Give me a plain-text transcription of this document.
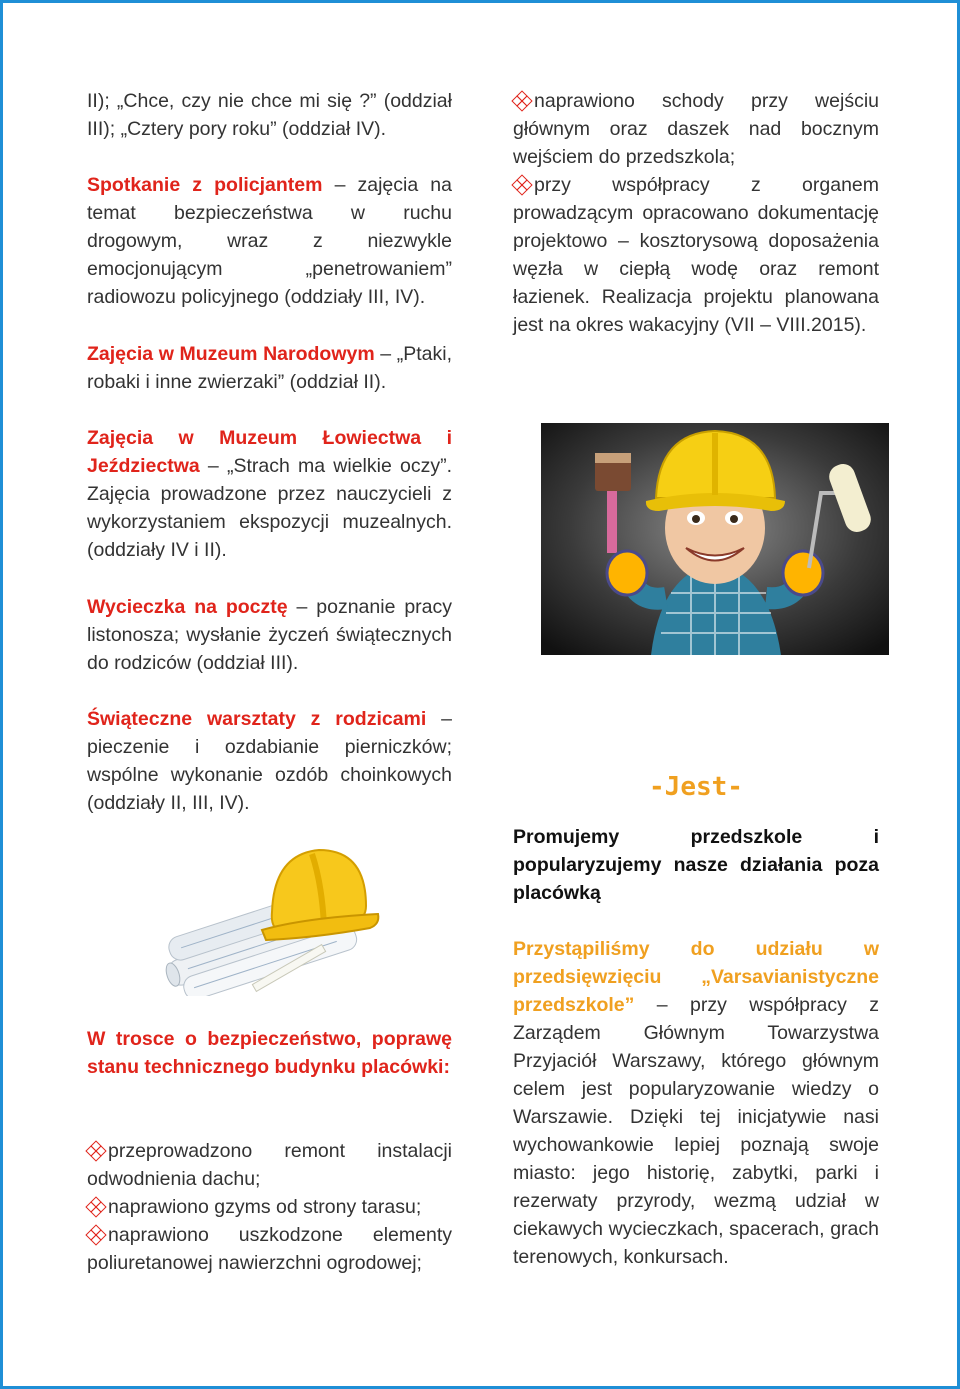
II); „Chce, czy nie chce mi się ?” (oddział III); „Cztery pory roku” (oddział IV).
Spotkanie z policjantem – zajęcia na temat bezpieczeństwa w ruchu drogowym, wraz z niezwykle emocjonującym „penetrowaniem” radiowozu policyjnego (oddziały III, IV).
Zajęcia w Muzeum Narodowym – „Ptaki, robaki i inne zwierzaki” (oddział II).
Zajęcia w Muzeum Łowiectwa i Jeździectwa – „Strach ma wielkie oczy”. Zajęcia prowadzone przez nauczycieli z wykorzystaniem ekspozycji muzealnych. (oddziały IV i II).
Wycieczka na pocztę – poznanie pracy listonosza; wysłanie życzeń świątecznych do rodziców (oddział III).
Świąteczne warsztaty z rodzicami – pieczenie i ozdabianie pierniczków; wspólne wykonanie ozdób choinkowych (oddziały II, III, IV).
W trosce o bezpieczeństwo, poprawę stanu technicznego budynku placówki:
przeprowadzono remont instalacji odwodnienia dachu;
naprawiono gzyms od strony tarasu;
naprawiono uszkodzone elementy poliuretanowej nawierzchni ogrodowej;
naprawiono schody przy wejściu głównym oraz daszek nad bocznym wejściem do przedszkola;
przy współpracy z organem prowadzącym opracowano dokumentację projektowo – kosztorysową doposażenia węzła w ciepłą wodę oraz remont łazienek. Realizacja projektu planowana jest na okres wakacyjny (VII – VIII.2015).
-Jest-
Promujemy przedszkole i popularyzujemy nasze działania poza placówką
Przystąpiliśmy do udziału w przedsięwzięciu „Varsavianistyczne przedszkole” – przy współpracy z Zarządem Głównym Towarzystwa Przyjaciół Warszawy, którego głównym celem jest popularyzowanie wiedzy o Warszawie. Dzięki tej inicjatywie nasi wychowankowie lepiej poznają swoje miasto: jego historię, zabytki, parki i rezerwaty przyrody, wezmą udział w ciekawych wycieczkach, spacerach, grach terenowych, konkursach.
